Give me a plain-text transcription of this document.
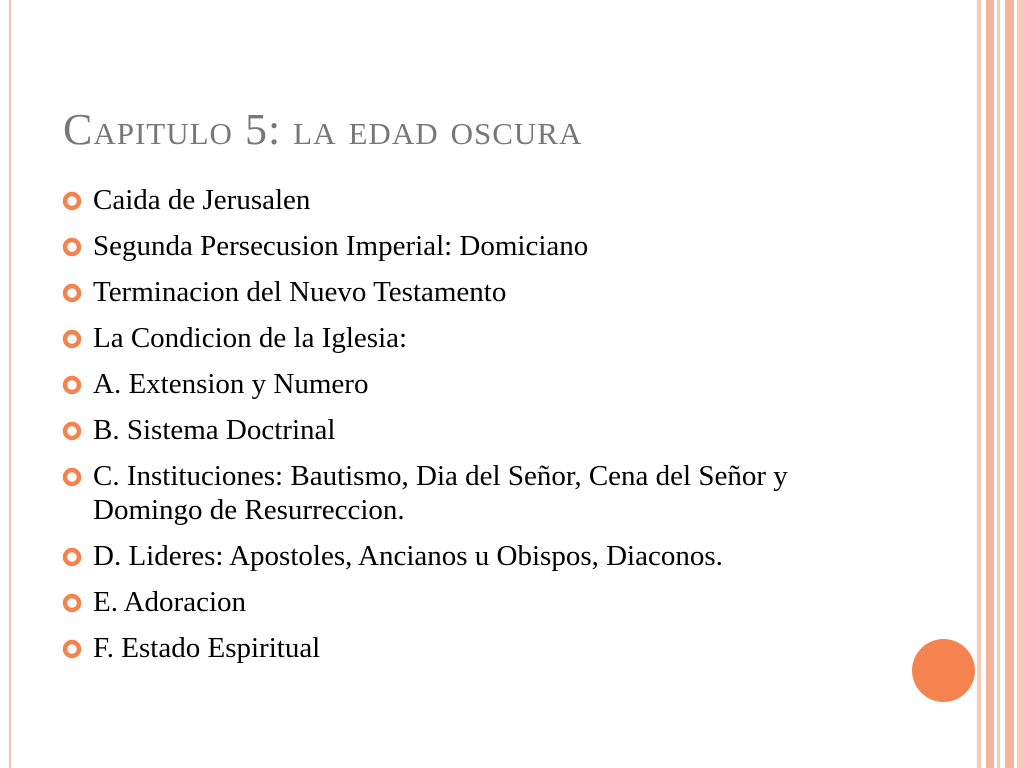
Capitulo 5: la edad oscura
Caida de Jerusalen
Segunda Persecusion Imperial: Domiciano
Terminacion del Nuevo Testamento
La Condicion de la Iglesia:
A. Extension y Numero
B. Sistema Doctrinal
C. Instituciones: Bautismo, Dia del Señor, Cena del Señor y Domingo de Resurreccion.
D. Lideres: Apostoles, Ancianos u Obispos, Diaconos.
E. Adoracion
F. Estado Espiritual
